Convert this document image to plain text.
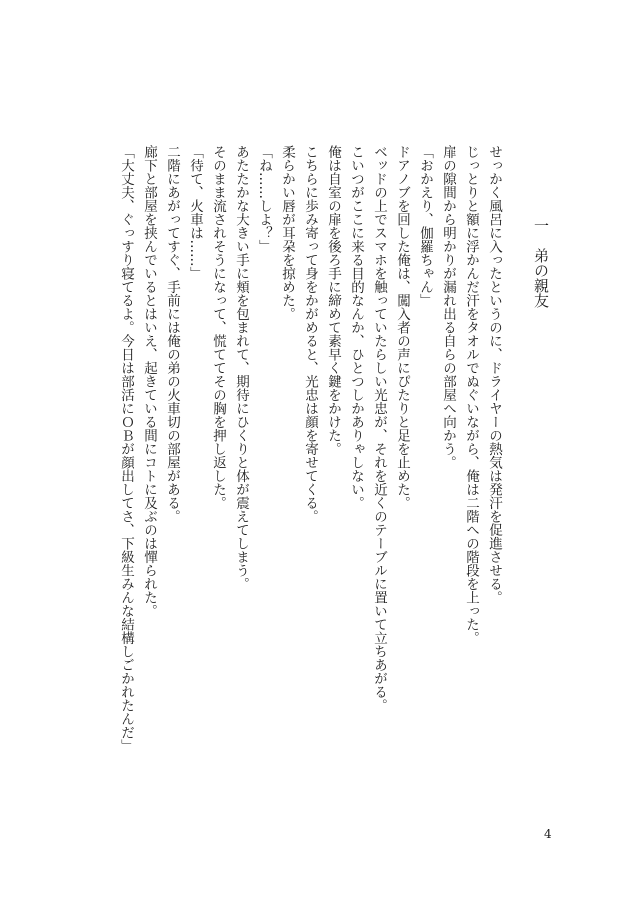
一　弟の親友

せっかく風呂に入ったというのに、ドライヤーの熱気は発汗を促進させる。

じっとりと額に浮かんだ汗をタオルでぬぐいながら、俺は二階への階段を上った。

扉の隙間から明かりが漏れ出る自らの部屋へ向かう。

「おかえり、伽羅ちゃん」

ドアノブを回した俺は、闖入者の声にぴたりと足を止めた。

ベッドの上でスマホを触っていたらしい光忠が、それを近くのテーブルに置いて立ちあがる。

こいつがここに来る目的なんか、ひとつしかありゃしない。

俺は自室の扉を後ろ手に締めて素早く鍵をかけた。

こちらに歩み寄って身をかがめると、光忠は顔を寄せてくる。

柔らかい唇が耳朶を掠めた。

「ね……しよ？」

あたたかな大きい手に頬を包まれて、期待にひくりと体が震えてしまう。

そのまま流されそうになって、慌ててその胸を押し返した。

「待て、火車は……」

二階にあがってすぐ、手前には俺の弟の火車切の部屋がある。

廊下と部屋を挟んでいるとはいえ、起きている間にコトに及ぶのは憚られた。

「大丈夫、ぐっすり寝てるよ。今日は部活にＯＢが顔出してさ、下級生みんな結構しごかれたんだ」

4
